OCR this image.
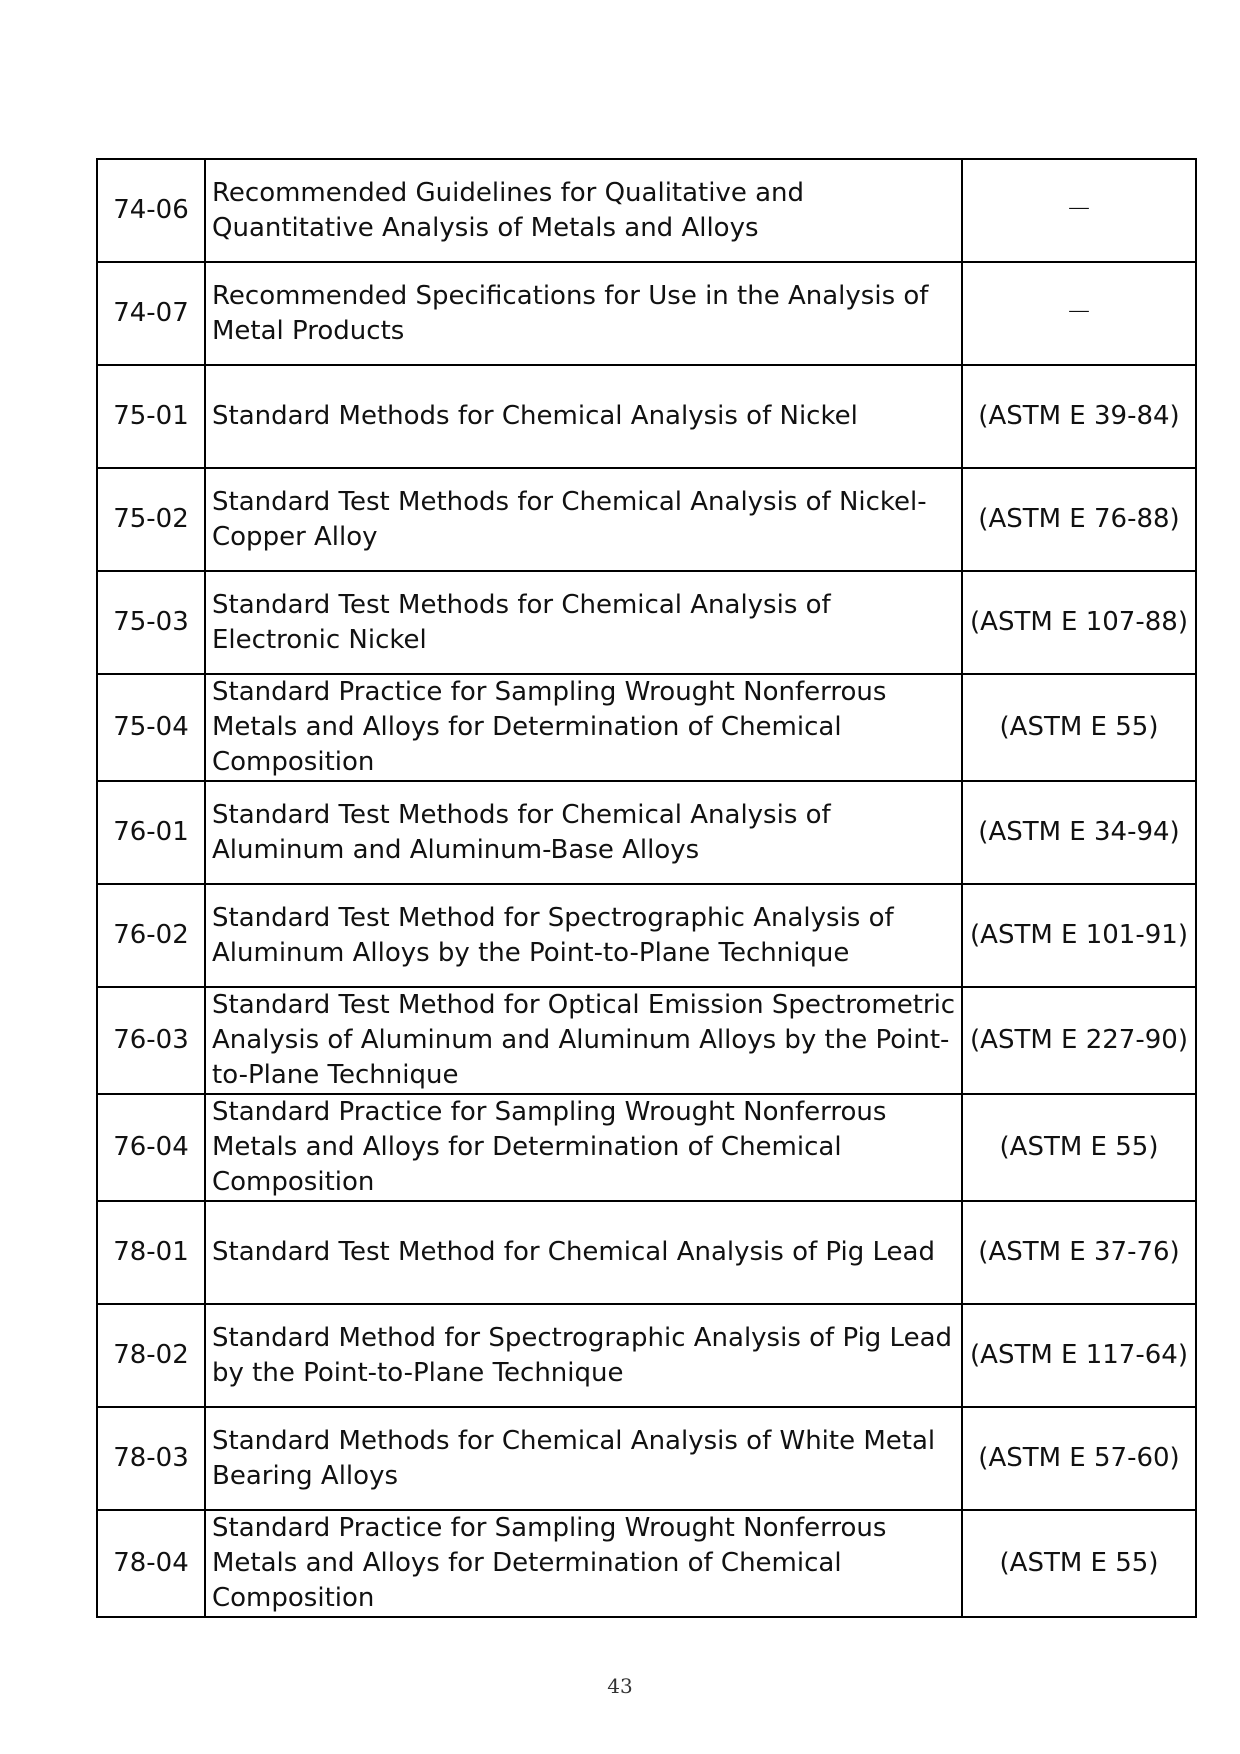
74-06	Recommended Guidelines for Qualitative and Quantitative Analysis of Metals and Alloys	－
74-07	Recommended Specifications for Use in the Analysis of Metal Products	－
75-01	Standard Methods for Chemical Analysis of Nickel	(ASTM E 39-84)
75-02	Standard Test Methods for Chemical Analysis of Nickel-Copper Alloy	(ASTM E 76-88)
75-03	Standard Test Methods for Chemical Analysis of Electronic Nickel	(ASTM E 107-88)
75-04	Standard Practice for Sampling Wrought Nonferrous Metals and Alloys for Determination of Chemical Composition	(ASTM E 55)
76-01	Standard Test Methods for Chemical Analysis of Aluminum and Aluminum-Base Alloys	(ASTM E 34-94)
76-02	Standard Test Method for Spectrographic Analysis of Aluminum Alloys by the Point-to-Plane Technique	(ASTM E 101-91)
76-03	Standard Test Method for Optical Emission Spectrometric Analysis of Aluminum and Aluminum Alloys by the Point-to-Plane Technique	(ASTM E 227-90)
76-04	Standard Practice for Sampling Wrought Nonferrous Metals and Alloys for Determination of Chemical Composition	(ASTM E 55)
78-01	Standard Test Method for Chemical Analysis of Pig Lead	(ASTM E 37-76)
78-02	Standard Method for Spectrographic Analysis of Pig Lead by the Point-to-Plane Technique	(ASTM E 117-64)
78-03	Standard Methods for Chemical Analysis of White Metal Bearing Alloys	(ASTM E 57-60)
78-04	Standard Practice for Sampling Wrought Nonferrous Metals and Alloys for Determination of Chemical Composition	(ASTM E 55)
43
